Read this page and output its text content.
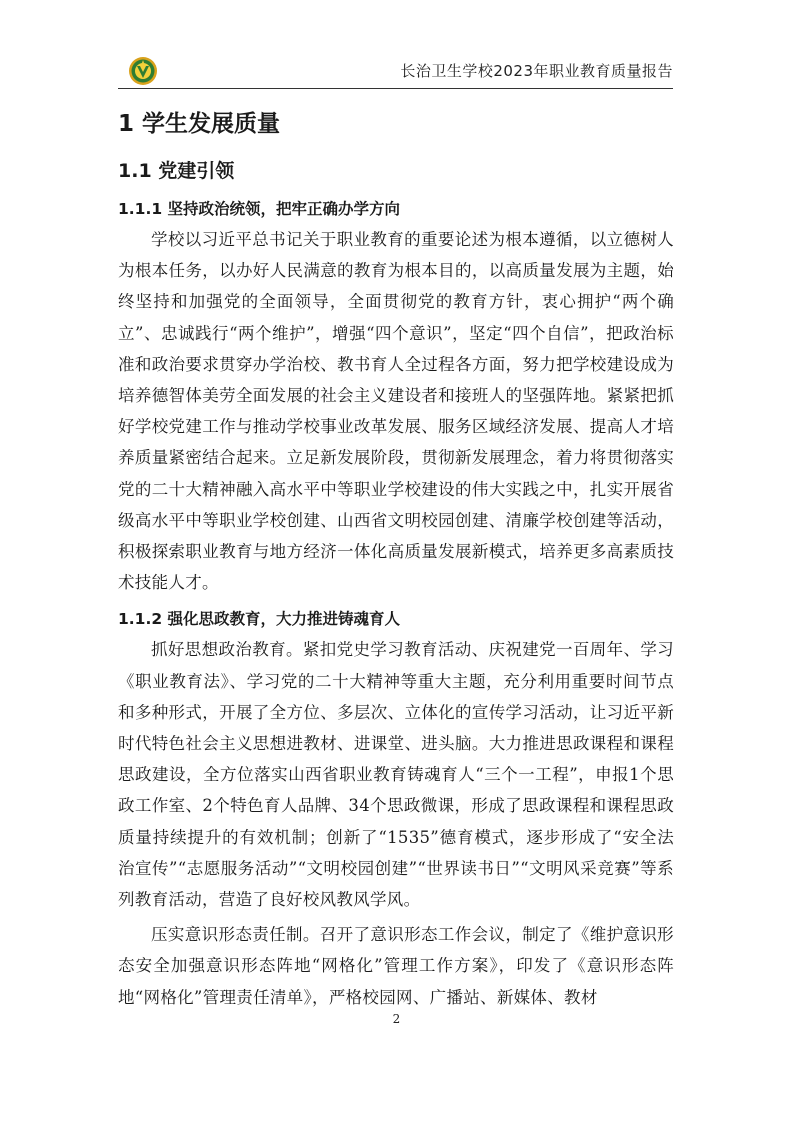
长治卫生学校2023年职业教育质量报告
1 学生发展质量
1.1 党建引领
1.1.1 坚持政治统领，把牢正确办学方向

学校以习近平总书记关于职业教育的重要论述为根本遵循，以立德树人为根本任务，以办好人民满意的教育为根本目的，以高质量发展为主题，始终坚持和加强党的全面领导，全面贯彻党的教育方针，衷心拥护“两个确立”、忠诚践行“两个维护”，增强“四个意识”，坚定“四个自信”，把政治标准和政治要求贯穿办学治校、教书育人全过程各方面，努力把学校建设成为培养德智体美劳全面发展的社会主义建设者和接班人的坚强阵地。紧紧把抓好学校党建工作与推动学校事业改革发展、服务区域经济发展、提高人才培养质量紧密结合起来。立足新发展阶段，贯彻新发展理念，着力将贯彻落实党的二十大精神融入高水平中等职业学校建设的伟大实践之中，扎实开展省级高水平中等职业学校创建、山西省文明校园创建、清廉学校创建等活动，积极探索职业教育与地方经济一体化高质量发展新模式，培养更多高素质技术技能人才。

1.1.2 强化思政教育，大力推进铸魂育人

抓好思想政治教育。紧扣党史学习教育活动、庆祝建党一百周年、学习《职业教育法》、学习党的二十大精神等重大主题，充分利用重要时间节点和多种形式，开展了全方位、多层次、立体化的宣传学习活动，让习近平新时代特色社会主义思想进教材、进课堂、进头脑。大力推进思政课程和课程思政建设，全方位落实山西省职业教育铸魂育人“三个一工程”，申报1个思政工作室、2个特色育人品牌、34个思政微课，形成了思政课程和课程思政质量持续提升的有效机制；创新了“1535”德育模式，逐步形成了“安全法治宣传”“志愿服务活动”“文明校园创建”“世界读书日”“文明风采竞赛”等系列教育活动，营造了良好校风教风学风。

压实意识形态责任制。召开了意识形态工作会议，制定了《维护意识形态安全加强意识形态阵地“网格化”管理工作方案》，印发了《意识形态阵地“网格化”管理责任清单》，严格校园网、广播站、新媒体、教材

2
